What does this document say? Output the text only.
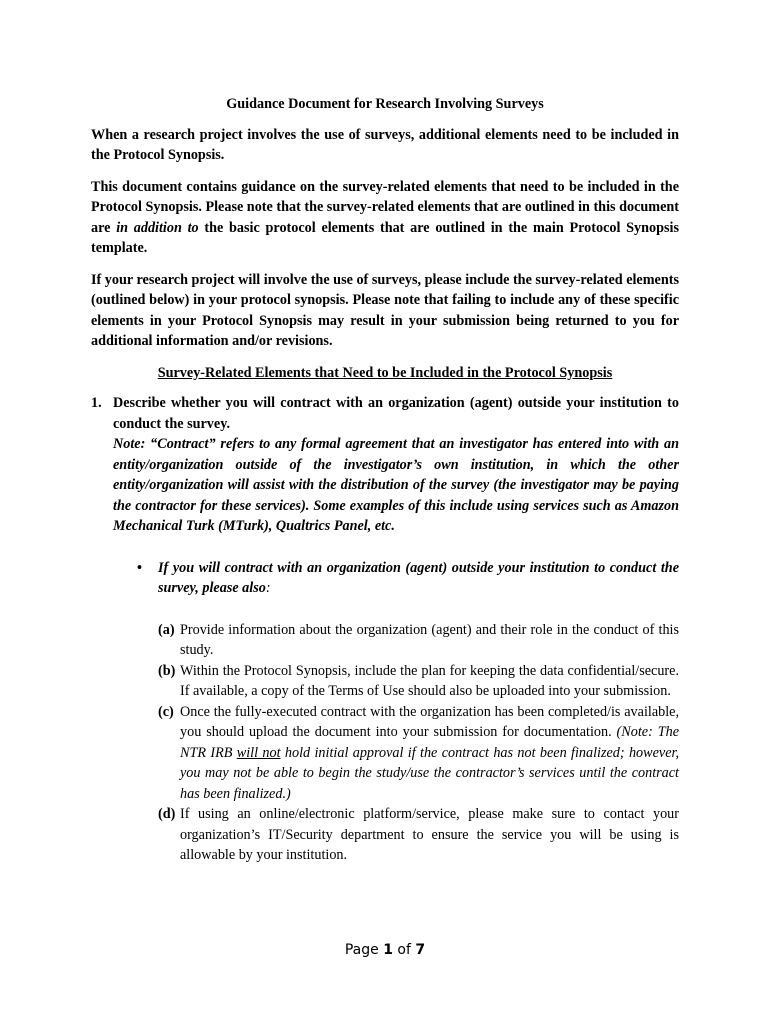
Guidance Document for Research Involving Surveys

When a research project involves the use of surveys, additional elements need to be included in the Protocol Synopsis.

This document contains guidance on the survey-related elements that need to be included in the Protocol Synopsis. Please note that the survey-related elements that are outlined in this document are in addition to the basic protocol elements that are outlined in the main Protocol Synopsis template.

If your research project will involve the use of surveys, please include the survey-related elements (outlined below) in your protocol synopsis. Please note that failing to include any of these specific elements in your Protocol Synopsis may result in your submission being returned to you for additional information and/or revisions.

Survey-Related Elements that Need to be Included in the Protocol Synopsis
1. Describe whether you will contract with an organization (agent) outside your institution to conduct the survey.
Note: “Contract” refers to any formal agreement that an investigator has entered into with an entity/organization outside of the investigator’s own institution, in which the other entity/organization will assist with the distribution of the survey (the investigator may be paying the contractor for these services). Some examples of this include using services such as Amazon Mechanical Turk (MTurk), Qualtrics Panel, etc.
• If you will contract with an organization (agent) outside your institution to conduct the survey, please also:
(a) Provide information about the organization (agent) and their role in the conduct of this study.
(b) Within the Protocol Synopsis, include the plan for keeping the data confidential/secure. If available, a copy of the Terms of Use should also be uploaded into your submission.
(c) Once the fully-executed contract with the organization has been completed/is available, you should upload the document into your submission for documentation. (Note: The NTR IRB will not hold initial approval if the contract has not been finalized; however, you may not be able to begin the study/use the contractor’s services until the contract has been finalized.)
(d) If using an online/electronic platform/service, please make sure to contact your organization’s IT/Security department to ensure the service you will be using is allowable by your institution.
Page 1 of 7
